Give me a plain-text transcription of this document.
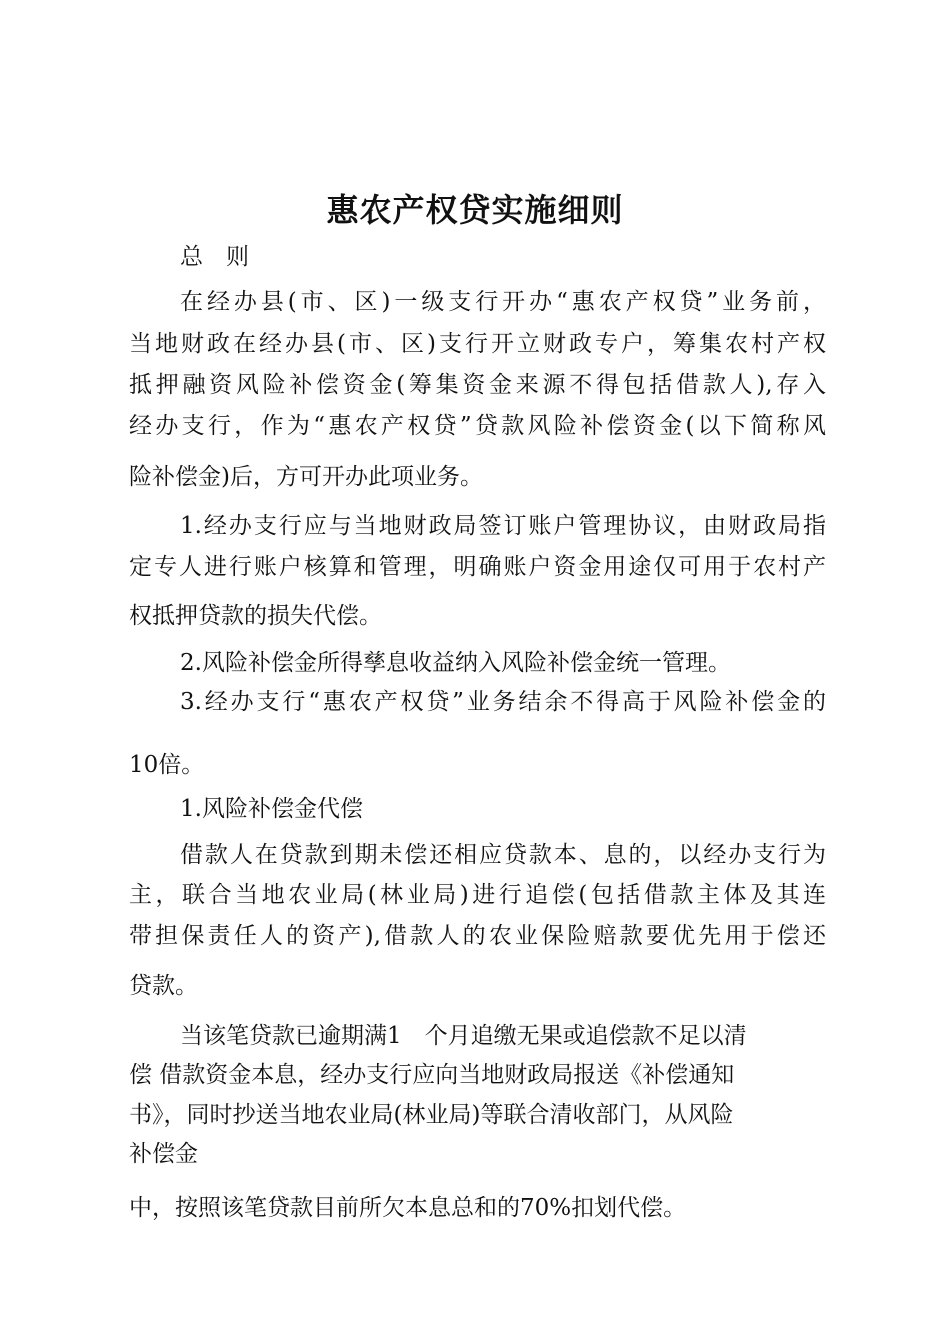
惠农产权贷实施细则
总　则
在经办县(市、区)一级支行开办“惠农产权贷”业务前，
当地财政在经办县(市、区)支行开立财政专户，筹集农村产权
抵押融资风险补偿资金(筹集资金来源不得包括借款人),存入
经办支行，作为“惠农产权贷”贷款风险补偿资金(以下简称风
险补偿金)后，方可开办此项业务。
1.经办支行应与当地财政局签订账户管理协议，由财政局指
定专人进行账户核算和管理，明确账户资金用途仅可用于农村产
权抵押贷款的损失代偿。
2.风险补偿金所得孳息收益纳入风险补偿金统一管理。
3.经办支行“惠农产权贷”业务结余不得高于风险补偿金的
10倍。
1.风险补偿金代偿
借款人在贷款到期未偿还相应贷款本、息的，以经办支行为
主，联合当地农业局(林业局)进行追偿(包括借款主体及其连
带担保责任人的资产),借款人的农业保险赔款要优先用于偿还
贷款。
当该笔贷款已逾期满1　个月追缴无果或追偿款不足以清
偿 借款资金本息，经办支行应向当地财政局报送《补偿通知
书》，同时抄送当地农业局(林业局)等联合清收部门，从风险
补偿金
中，按照该笔贷款目前所欠本息总和的70%扣划代偿。
